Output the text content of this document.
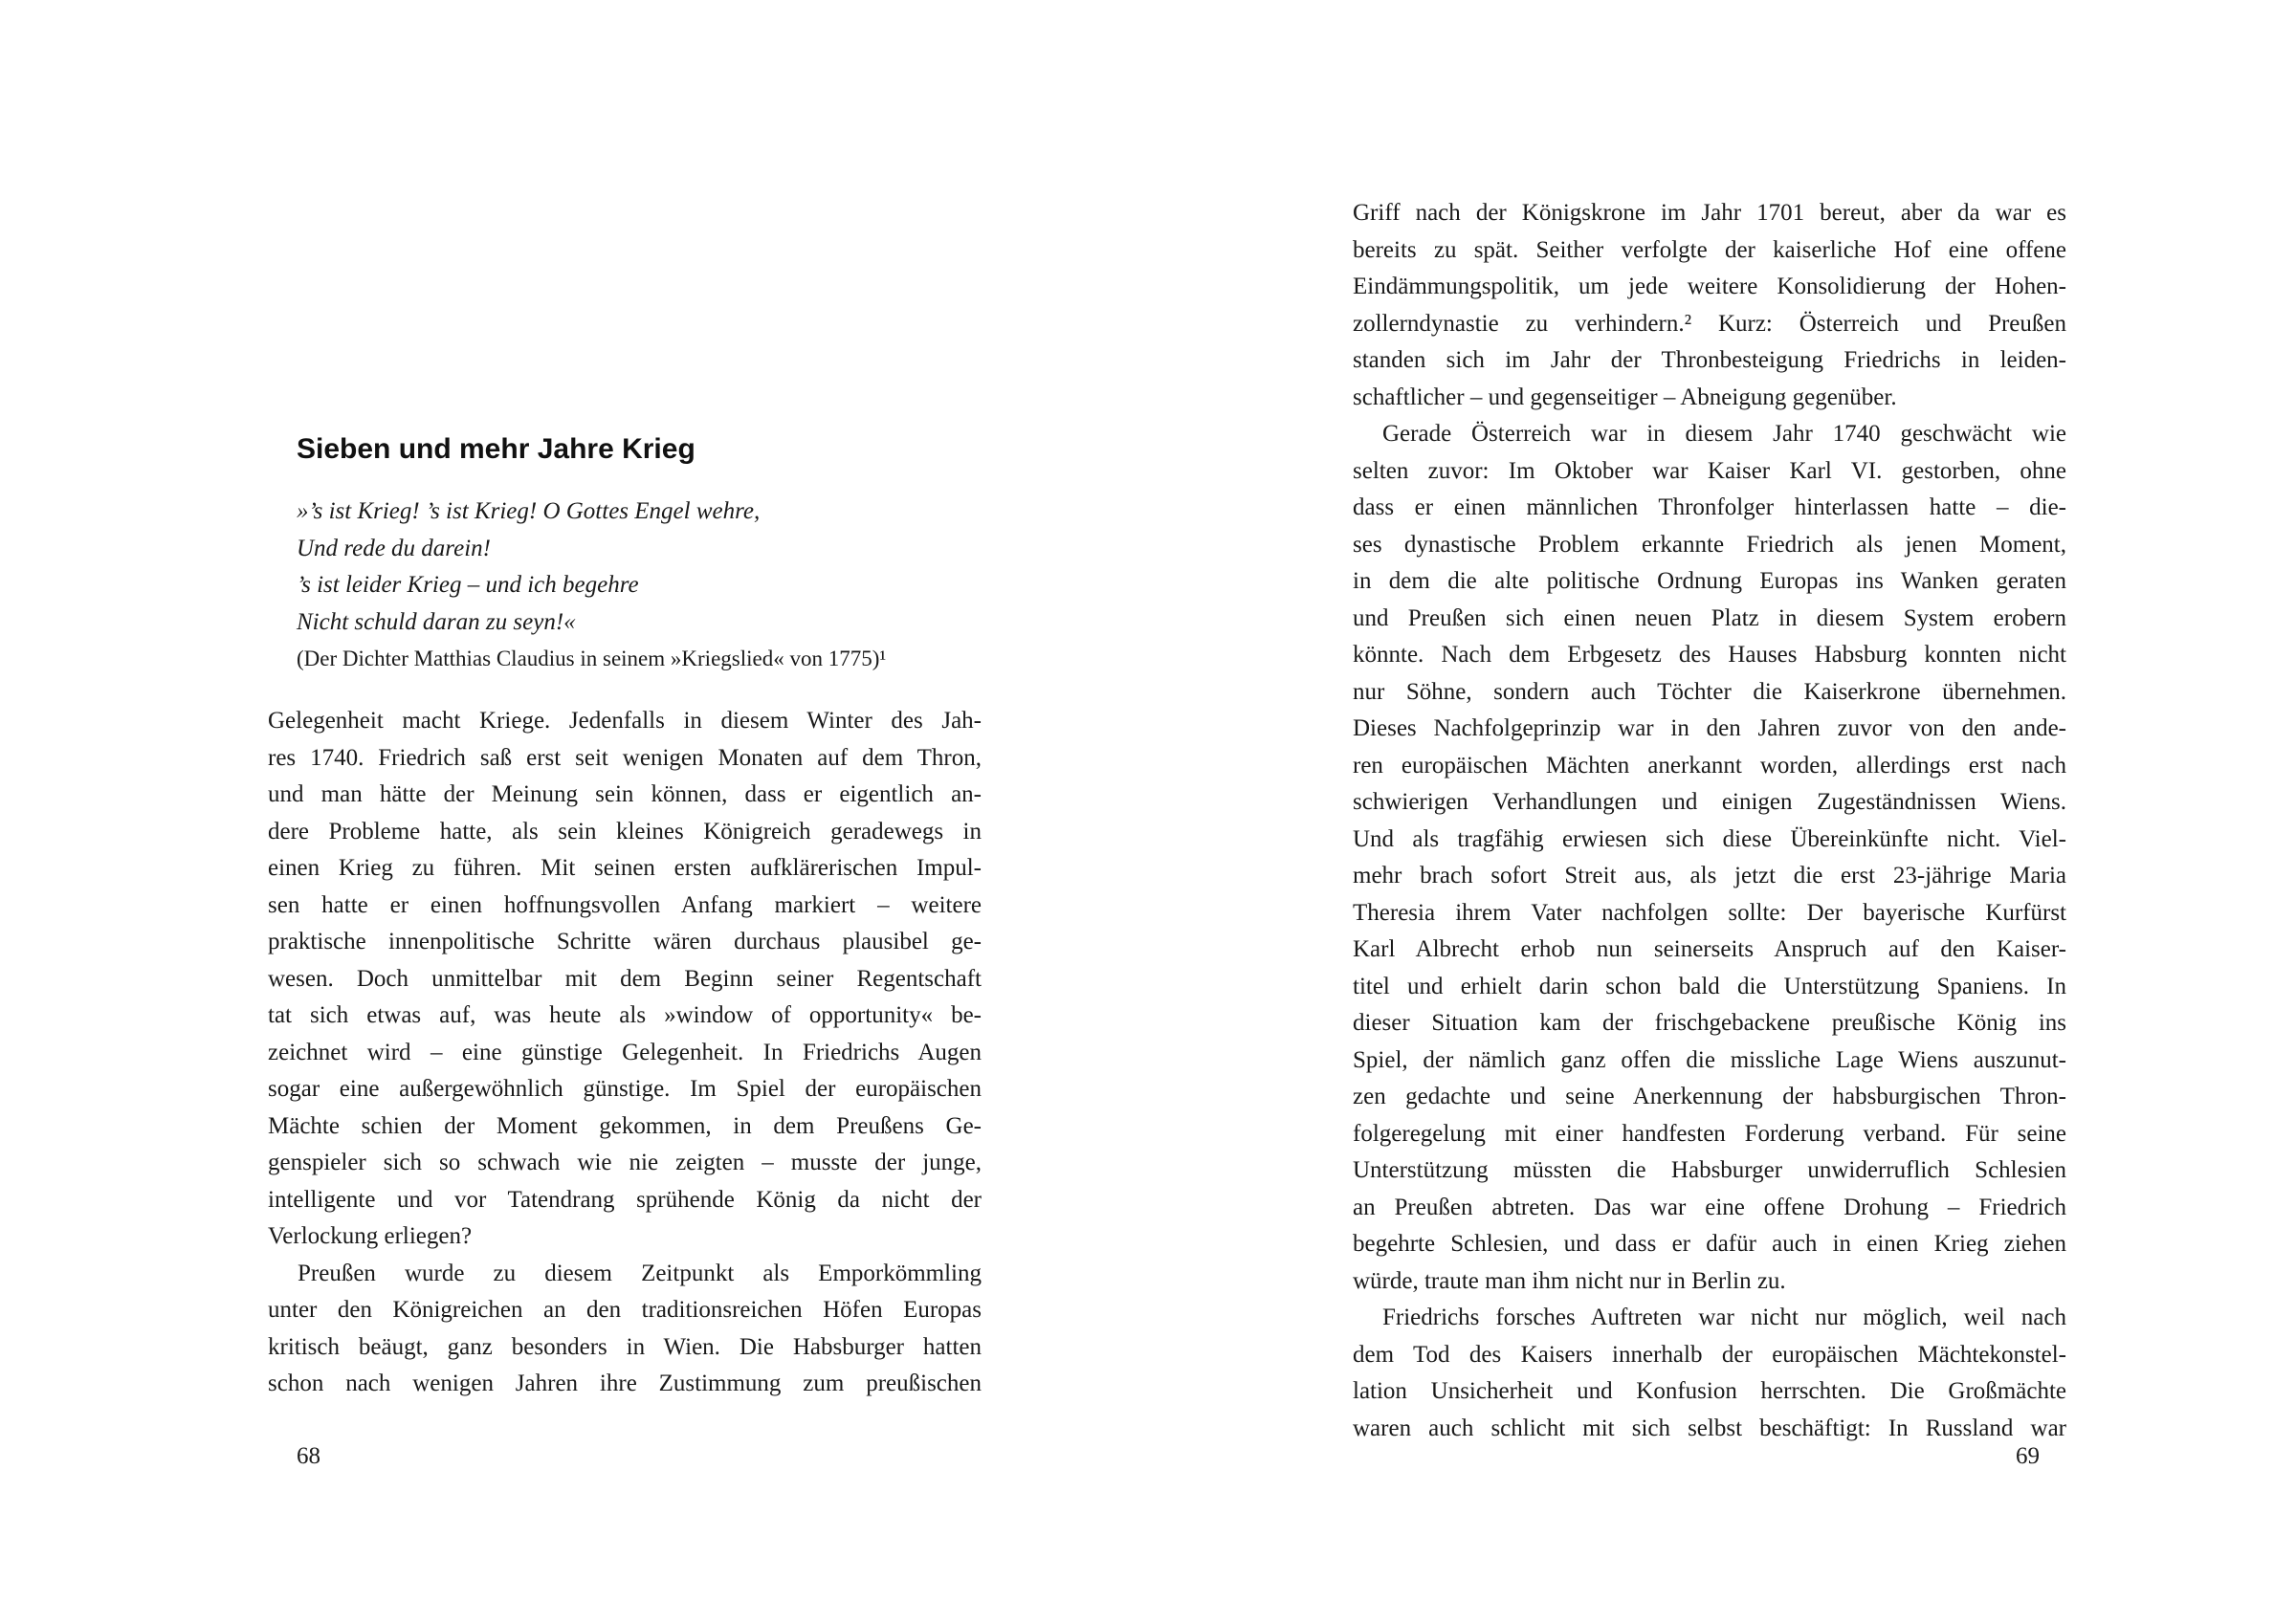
Sieben und mehr Jahre Krieg
»’s ist Krieg! ’s ist Krieg! O Gottes Engel wehre,
Und rede du darein!
’s ist leider Krieg – und ich begehre
Nicht schuld daran zu seyn!«
(Der Dichter Matthias Claudius in seinem »Kriegslied« von 1775)¹
Gelegenheit macht Kriege. Jedenfalls in diesem Winter des Jah-
res 1740. Friedrich saß erst seit wenigen Monaten auf dem Thron,
und man hätte der Meinung sein können, dass er eigentlich an-
dere Probleme hatte, als sein kleines Königreich geradewegs in
einen Krieg zu führen. Mit seinen ersten aufklärerischen Impul-
sen hatte er einen hoffnungsvollen Anfang markiert – weitere
praktische innenpolitische Schritte wären durchaus plausibel ge-
wesen. Doch unmittelbar mit dem Beginn seiner Regentschaft
tat sich etwas auf, was heute als »window of opportunity« be-
zeichnet wird – eine günstige Gelegenheit. In Friedrichs Augen
sogar eine außergewöhnlich günstige. Im Spiel der europäischen
Mächte schien der Moment gekommen, in dem Preußens Ge-
genspieler sich so schwach wie nie zeigten – musste der junge,
intelligente und vor Tatendrang sprühende König da nicht der
Verlockung erliegen?
Preußen wurde zu diesem Zeitpunkt als Emporkömmling
unter den Königreichen an den traditionsreichen Höfen Europas
kritisch beäugt, ganz besonders in Wien. Die Habsburger hatten
schon nach wenigen Jahren ihre Zustimmung zum preußischen
Griff nach der Königskrone im Jahr 1701 bereut, aber da war es
bereits zu spät. Seither verfolgte der kaiserliche Hof eine offene
Eindämmungspolitik, um jede weitere Konsolidierung der Hohen-
zollerndynastie zu verhindern.² Kurz: Österreich und Preußen
standen sich im Jahr der Thronbesteigung Friedrichs in leiden-
schaftlicher – und gegenseitiger – Abneigung gegenüber.
Gerade Österreich war in diesem Jahr 1740 geschwächt wie
selten zuvor: Im Oktober war Kaiser Karl VI. gestorben, ohne
dass er einen männlichen Thronfolger hinterlassen hatte – die-
ses dynastische Problem erkannte Friedrich als jenen Moment,
in dem die alte politische Ordnung Europas ins Wanken geraten
und Preußen sich einen neuen Platz in diesem System erobern
könnte. Nach dem Erbgesetz des Hauses Habsburg konnten nicht
nur Söhne, sondern auch Töchter die Kaiserkrone übernehmen.
Dieses Nachfolgeprinzip war in den Jahren zuvor von den ande-
ren europäischen Mächten anerkannt worden, allerdings erst nach
schwierigen Verhandlungen und einigen Zugeständnissen Wiens.
Und als tragfähig erwiesen sich diese Übereinkünfte nicht. Viel-
mehr brach sofort Streit aus, als jetzt die erst 23-jährige Maria
Theresia ihrem Vater nachfolgen sollte: Der bayerische Kurfürst
Karl Albrecht erhob nun seinerseits Anspruch auf den Kaiser-
titel und erhielt darin schon bald die Unterstützung Spaniens. In
dieser Situation kam der frischgebackene preußische König ins
Spiel, der nämlich ganz offen die missliche Lage Wiens auszunut-
zen gedachte und seine Anerkennung der habsburgischen Thron-
folgeregelung mit einer handfesten Forderung verband. Für seine
Unterstützung müssten die Habsburger unwiderruflich Schlesien
an Preußen abtreten. Das war eine offene Drohung – Friedrich
begehrte Schlesien, und dass er dafür auch in einen Krieg ziehen
würde, traute man ihm nicht nur in Berlin zu.
Friedrichs forsches Auftreten war nicht nur möglich, weil nach
dem Tod des Kaisers innerhalb der europäischen Mächtekonstel-
lation Unsicherheit und Konfusion herrschten. Die Großmächte
waren auch schlicht mit sich selbst beschäftigt: In Russland war
68	69
